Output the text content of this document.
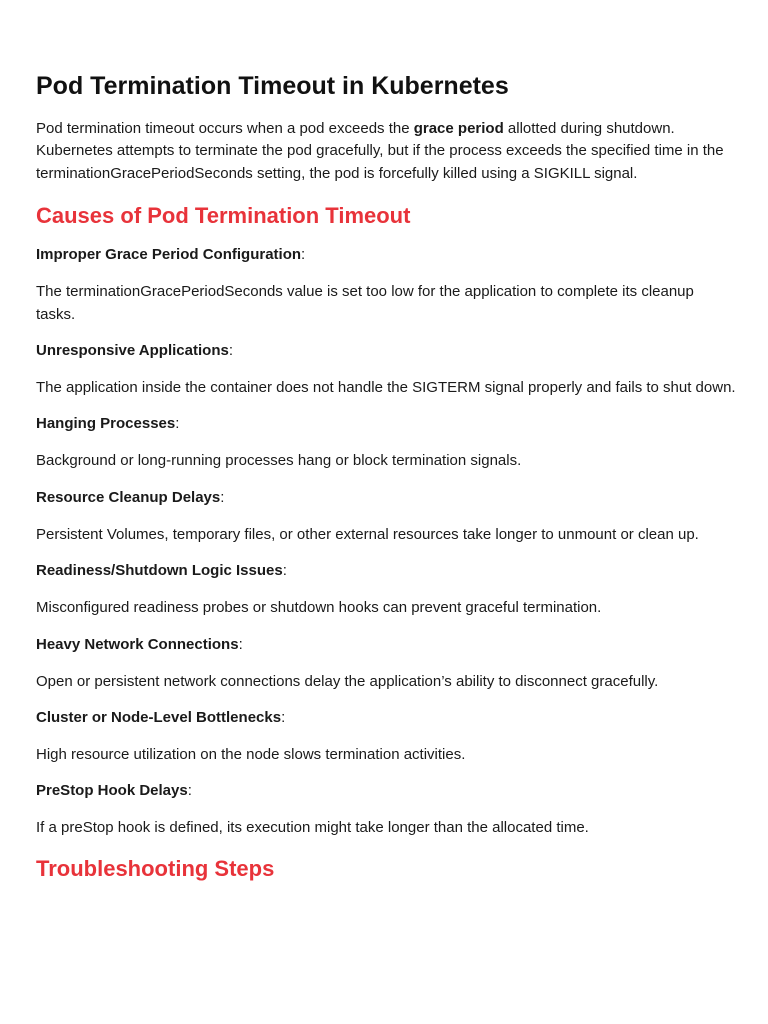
Pod Termination Timeout in Kubernetes

Pod termination timeout occurs when a pod exceeds the grace period allotted during shutdown. Kubernetes attempts to terminate the pod gracefully, but if the process exceeds the specified time in the terminationGracePeriodSeconds setting, the pod is forcefully killed using a SIGKILL signal.

Causes of Pod Termination Timeout

Improper Grace Period Configuration:

The terminationGracePeriodSeconds value is set too low for the application to complete its cleanup tasks.

Unresponsive Applications:

The application inside the container does not handle the SIGTERM signal properly and fails to shut down.

Hanging Processes:

Background or long-running processes hang or block termination signals.

Resource Cleanup Delays:

Persistent Volumes, temporary files, or other external resources take longer to unmount or clean up.

Readiness/Shutdown Logic Issues:

Misconfigured readiness probes or shutdown hooks can prevent graceful termination.

Heavy Network Connections:

Open or persistent network connections delay the application’s ability to disconnect gracefully.

Cluster or Node-Level Bottlenecks:

High resource utilization on the node slows termination activities.

PreStop Hook Delays:

If a preStop hook is defined, its execution might take longer than the allocated time.

Troubleshooting Steps
